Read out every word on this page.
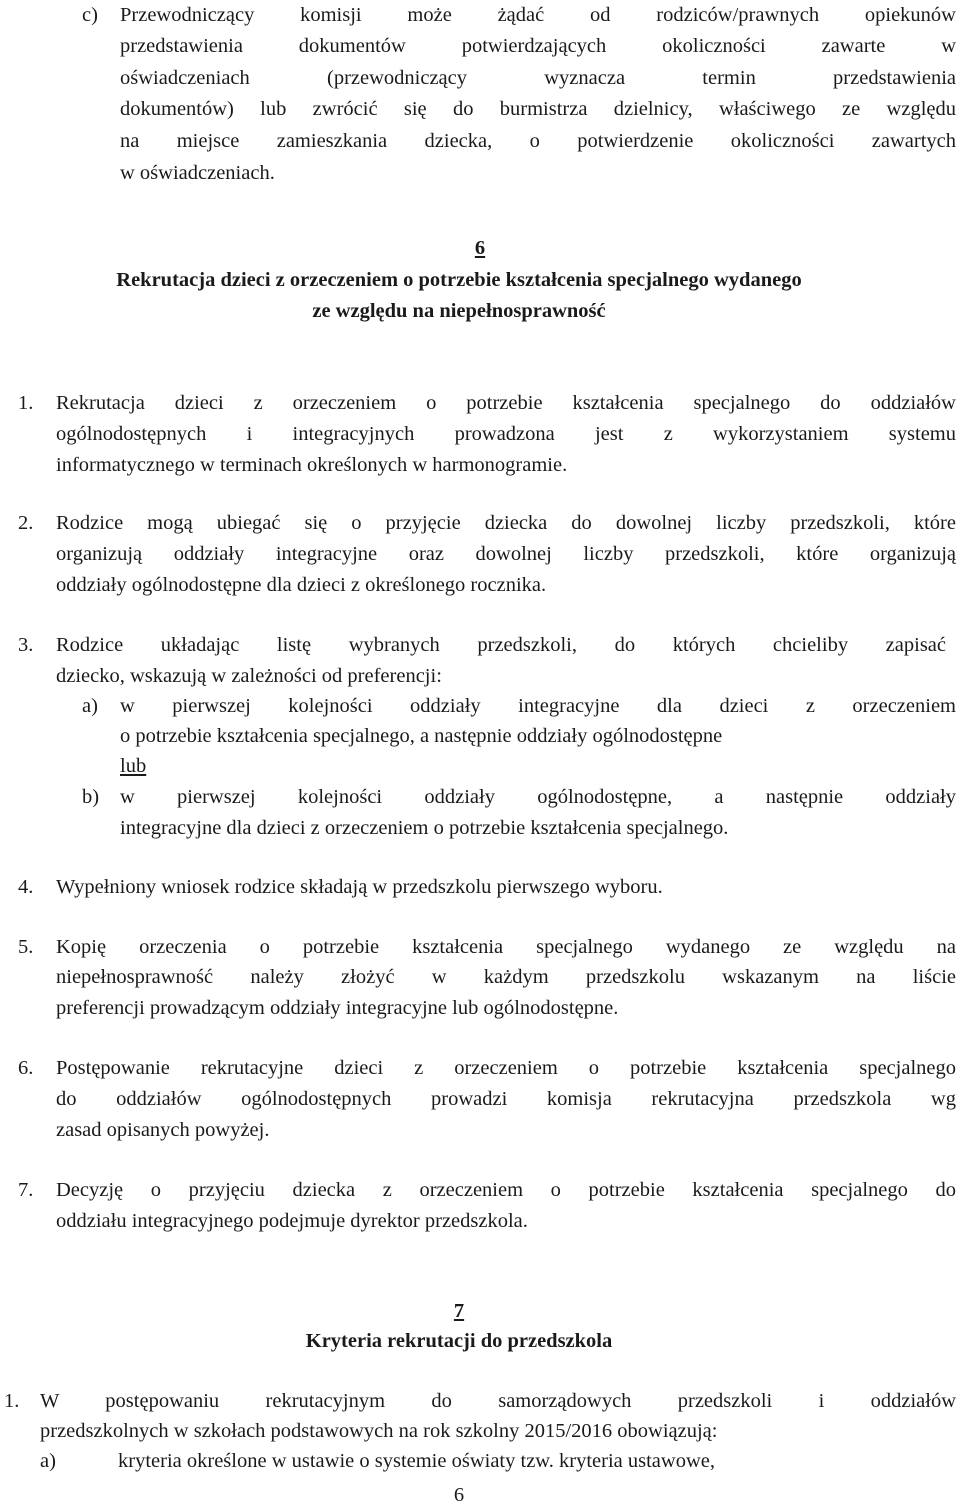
c) Przewodniczący komisji może żądać od rodziców/prawnych opiekunów
przedstawienia dokumentów potwierdzających okoliczności zawarte w
oświadczeniach (przewodniczący wyznacza termin przedstawienia
dokumentów) lub zwrócić się do burmistrza dzielnicy, właściwego ze względu
na miejsce zamieszkania dziecka, o potwierdzenie okoliczności zawartych
w oświadczeniach.
6
Rekrutacja dzieci z orzeczeniem o potrzebie kształcenia specjalnego wydanego
ze względu na niepełnosprawność
1. Rekrutacja dzieci z orzeczeniem o potrzebie kształcenia specjalnego do oddziałów
ogólnodostępnych i integracyjnych prowadzona jest z wykorzystaniem systemu
informatycznego w terminach określonych w harmonogramie.
2. Rodzice mogą ubiegać się o przyjęcie dziecka do dowolnej liczby przedszkoli, które
organizują oddziały integracyjne oraz dowolnej liczby przedszkoli, które organizują
oddziały ogólnodostępne dla dzieci z określonego rocznika.
3. Rodzice układając listę wybranych przedszkoli, do których chcieliby zapisać
dziecko, wskazują w zależności od preferencji:
a) w pierwszej kolejności oddziały integracyjne dla dzieci z orzeczeniem
o potrzebie kształcenia specjalnego, a następnie oddziały ogólnodostępne
lub
b) w pierwszej kolejności oddziały ogólnodostępne, a następnie oddziały
integracyjne dla dzieci z orzeczeniem o potrzebie kształcenia specjalnego.
4. Wypełniony wniosek rodzice składają w przedszkolu pierwszego wyboru.
5. Kopię orzeczenia o potrzebie kształcenia specjalnego wydanego ze względu na
niepełnosprawność należy złożyć w każdym przedszkolu wskazanym na liście
preferencji prowadzącym oddziały integracyjne lub ogólnodostępne.
6. Postępowanie rekrutacyjne dzieci z orzeczeniem o potrzebie kształcenia specjalnego
do oddziałów ogólnodostępnych prowadzi komisja rekrutacyjna przedszkola wg
zasad opisanych powyżej.
7. Decyzję o przyjęciu dziecka z orzeczeniem o potrzebie kształcenia specjalnego do
oddziału integracyjnego podejmuje dyrektor przedszkola.
7
Kryteria rekrutacji do przedszkola
1. W postępowaniu rekrutacyjnym do samorządowych przedszkoli i oddziałów
przedszkolnych w szkołach podstawowych na rok szkolny 2015/2016 obowiązują:
a)	kryteria określone w ustawie o systemie oświaty tzw. kryteria ustawowe,
6
